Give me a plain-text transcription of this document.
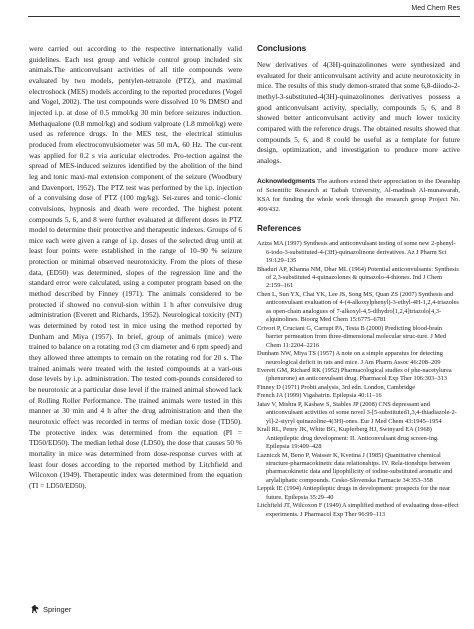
Med Chem Res

were carried out according to the respective internationally valid guidelines. Each test group and vehicle control group included six animals.The anticonvulsant activities of all title compounds were evaluated by two models, pentylen-tetrazole (PTZ), and maximal electroshock (MES) models according to the reported procedures (Vogel and Vogel, 2002). The test compounds were dissolved 10 % DMSO and injected i.p. at dose of 0.5 mmol/kg 30 min before seizures induction. Methaqualone (0.8 mmol/kg) and sodium valproate (1.8 mmol/kg) were used as reference drugs. In the MES test, the electrical stimulus produced from electroconvulsiometer was 50 mA, 60 Hz. The cur-rent was applied for 0.2 s via auricular electrodes. Pro-tection against the spread of MES-induced seizures identified by the abolition of the hind leg and tonic maxi-mal extension component of the seizure (Woodbury and Davenport, 1952). The PTZ test was performed by the i.p. injection of a convulsing dose of PTZ (100 mg/kg). Sei-zures and tonic–clonic convulsions, hypnosis and death were recorded. The highest potent compounds 5, 6, and 8 were further evaluated at different doses in PTZ model to determine their protective and therapeutic indexes. Groups of 6 mice each were given a range of i.p. doses of the selected drug until at least four points were established in the range of 10–90 % seizure protection or minimal observed neurotoxicity. From the plots of these data, (ED50) was determined, slopes of the regression line and the standard error were calculated, using a computer program based on the method described by Finney (1971). The animals considered to be protected if showed no convul-sion within 1 h after convulsive drug administration (Everett and Richards, 1952). Neurological toxicity (NT) was determined by rotod test in mice using the method reported by Dunham and Miya (1957). In brief, group of animals (mice) were trained to balance on a rotating rod (3 cm diameter and 6 rpm speed) and they allowed three attempts to remain on the rotating rod for 20 s. The trained animals were treated with the tested compounds at a vari-ous dose levels by i.p. administration. The tested com-pounds considered to be neurotoxic at a particular dose level if the trained animal showed lack of Rolling Roller Performance. The trained animals were tested in this manner at 30 min and 4 h after the drug administration and then the neurotoxic effect was recorded in terms of median toxic dose (TD50). The protective index was determined from the equation (PI = TD50/ED50). The median lethal dose (LD50), the dose that causes 50 % mortality in mice was determined from dose-response curves with at least four doses according to the reported method by Litchfield and Wilcoxon (1949). Therapeutic index was determined from the equation (TI = LD50/ED50).

Conclusions

New derivatives of 4(3H)-quinazolinones were synthesized and evaluated for their anticonvulsant activity and acute neurotoxicity in mice. The results of this study demon-strated that some 6,8-diiodo-2-methyl-3-substituted-4(3H)-quinazolinones derivatives possess a good anticonvulsant activity, specially, compounds 5, 6, and 8 showed better anticonvulsant activity and much lower toxicity compared with the reference drugs. The obtained results showed that compounds 5, 6, and 8 could be useful as a template for future design, optimization, and investigation to produce more active analogs.

Acknowledgments The authors extend their appreciation to the Deanship of Scientific Research at Taibah University, Al-madinah Al-munawarah, KSA for funding the whole work through the research group Project No. 409/432.

References
Aziza MA (1997) Synthesis and anticonvulsant testing of some new 2-phenyl-6-iodo-3-substituted-4-(3H)-quinazolinone derivatives. Az J Pharm Sci 19:129–135
Bhaduri AP, Khanna NM, Dhar ML (1964) Potential anticonvulsants: Synthesis of 2,3-substituted 4-quinazolones & quinazolo-4-thiones. Ind J Chem 2:159–161
Chen L, Sun YX, Chai YK, Lee JS, Song MS, Quan ZS (2007) Synthesis and anticonvulsant evaluation of 4-(4-alkoxylphenyl)-3-ethyl-4H-1,2,4-triazoles as open-chain analogues of 7-alkoxyl-4,5-dihydro[1,2,4]triazolo[4,3-a]quinolines. Bioorg Med Chem 15:6775–6781
Crivori P, Cruciani G, Carrupt PA, Testa B (2000) Predicting blood-brain barrier permeation from three-dimensional molecular struc-ture. J Med Chem 11:2204–2216
Dunham NW, Miya TS (1957) A note on a simple apparatus for detecting neurological deficit in rats and mice. J Am Pharm Assoc 46:208–209
Everett GM, Richard RK (1952) Pharmacological studies of phe-nacetylurea (phenurone) an anticonvulsant drug. Pharmacol Exp Ther 106:303–313
Finney D (1971) Probit analysis, 3rd edn. London, Cambridge
French JA (1999) Vigabatrin. Epilepsia 40:11–16
Jatav V, Mishra P, Kashaw S, Stables JP (2008) CNS depressant and anticonvulsant activities of some novel 3-[5-substituted1,3,4-thiadiazole-2-yl]-2-styryl quinazoline-4(3H)-ones. Eur J Med Chem 43:1945–1954
Krall RL, Penry JK, White BG, Kupferberg HJ, Swinyard EA (1968) Antiepileptic drug development: II. Anticonvulsant drug screen-ing. Epilepsia 19:409–428
Lazniczk M, Beno P, Waisser K, Kvetina J (1985) Quantitative chemical structure-pharmacokinetic data relationships. IV. Rela-tionships between pharmacokinetic data and lipophilicity of iodine-substituted aromatic and arylaliphatic compounds. Cesko-Slovenska Farmacie 34:353–358
Leppik IE (1994) Antiepileptic drugs in development: prospects for the near future. Epilepsia 35:29–40
Litchfield JT, Wilcoxon F (1949) A simplified method of evaluating dose-effect experiments. J Pharmacol Exp Ther 96:99–113
Springer
